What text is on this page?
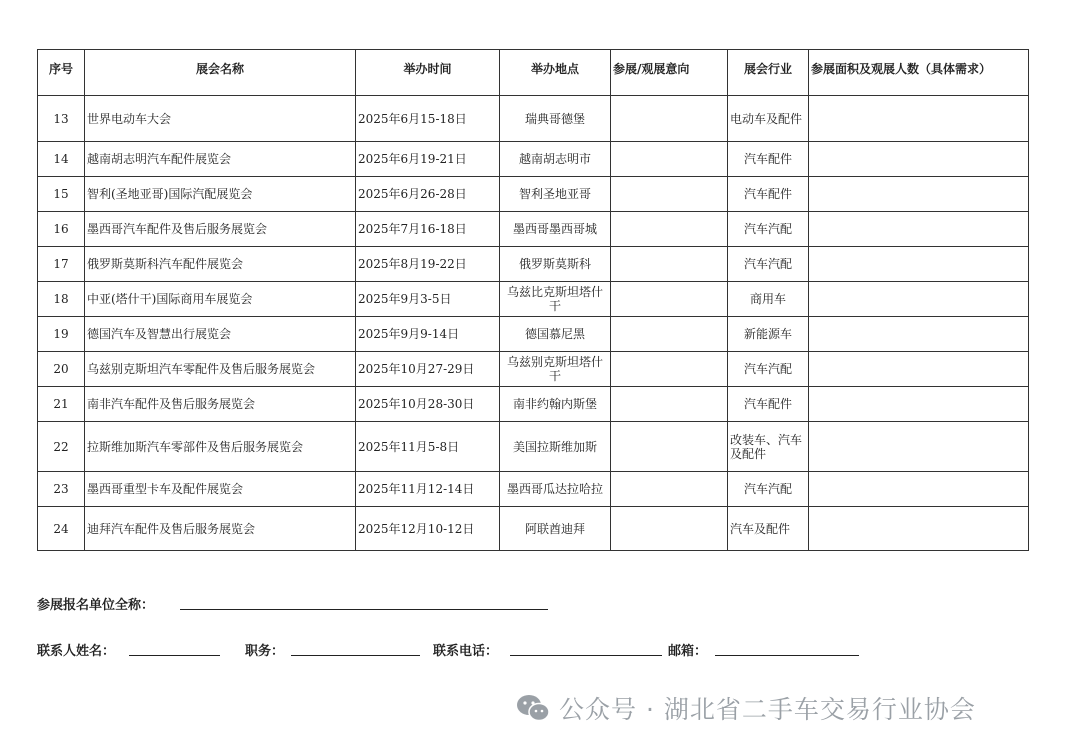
序号	展会名称	举办时间	举办地点	参展/观展意向	展会行业	参展面积及观展人数（具体需求）
13	世界电动车大会	2025年6月15-18日	瑞典哥德堡		电动车及配件	
14	越南胡志明汽车配件展览会	2025年6月19-21日	越南胡志明市		汽车配件	
15	智利(圣地亚哥)国际汽配展览会	2025年6月26-28日	智利圣地亚哥		汽车配件	
16	墨西哥汽车配件及售后服务展览会	2025年7月16-18日	墨西哥墨西哥城		汽车汽配	
17	俄罗斯莫斯科汽车配件展览会	2025年8月19-22日	俄罗斯莫斯科		汽车汽配	
18	中亚(塔什干)国际商用车展览会	2025年9月3-5日	乌兹比克斯坦塔什干		商用车	
19	德国汽车及智慧出行展览会	2025年9月9-14日	德国慕尼黑		新能源车	
20	乌兹别克斯坦汽车零配件及售后服务展览会	2025年10月27-29日	乌兹别克斯坦塔什干		汽车汽配	
21	南非汽车配件及售后服务展览会	2025年10月28-30日	南非约翰内斯堡		汽车配件	
22	拉斯维加斯汽车零部件及售后服务展览会	2025年11月5-8日	美国拉斯维加斯		改装车、汽车及配件	
23	墨西哥重型卡车及配件展览会	2025年11月12-14日	墨西哥瓜达拉哈拉		汽车汽配	
24	迪拜汽车配件及售后服务展览会	2025年12月10-12日	阿联酋迪拜		汽车及配件	
参展报名单位全称：
联系人姓名：	职务：	联系电话：	邮箱：
公众号 · 湖北省二手车交易行业协会
